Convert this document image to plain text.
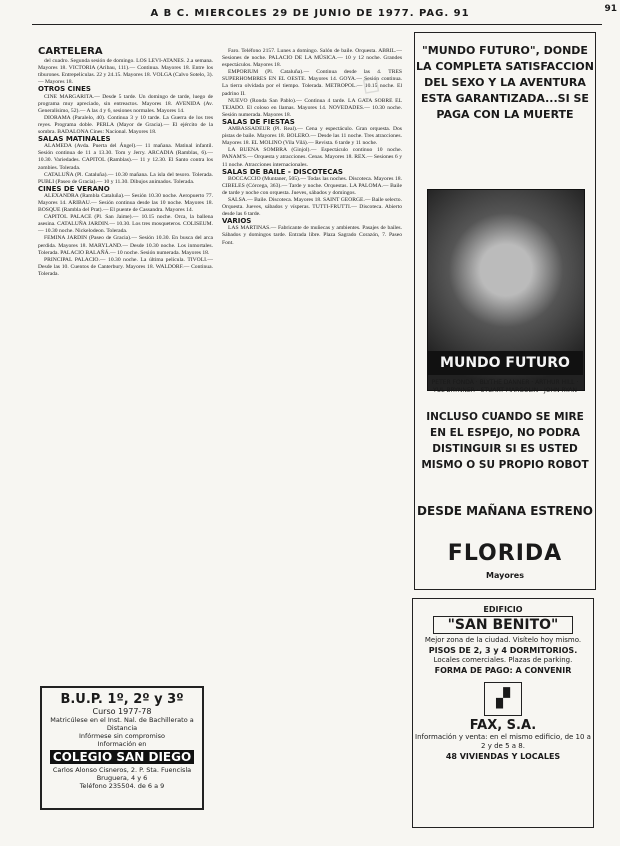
A B C. MIERCOLES 29 DE JUNIO DE 1977. PAG. 91	91
CARTELERA

del cuadro. Segunda sesión de domingo. LOS LEVI-ATANES. 2.a semana. Mayores 18. VICTORIA (Aribau, 111).— Continua. Mayores 18. Entre los tiburones. Entrepelículas. 22 y 24.15. Mayores 18. VOLGA (Calvo Sotelo, 3).— Mayores 18.

OTROS CINES

CINE MARGARITA.— Desde 5 tarde. Un domingo de tarde, luego de programa muy apreciado, sin entreactos. Mayores 18. AVENIDA (Av. Generalísimo, 52).— A las 4 y 6, sesiones normales. Mayores 14.

DIORAMA (Paralelo, 40). Continua 3 y 10 tarde. La Guerra de los tres reyes. Programa doble. PERLA (Mayor de Gracia).— El ejército de la sombra. BADALONA Cines: Nacional. Mayores 18.

SALAS MATINALES

ALAMEDA (Avda. Puerta del Ángel).— 11 mañana. Matinal infantil. Sesión continua de 11 a 13.30. Tom y Jerry. ARCADIA (Ramblas, 6).— 10.30. Variedades. CAPITOL (Ramblas).— 11 y 12.30. El Santo contra los zombies. Tolerada.

CATALUÑA (Pl. Cataluña).— 10.30 mañana. La isla del tesoro. Tolerada. PUBLI (Paseo de Gracia).— 10 y 11.30. Dibujos animados. Tolerada.

CINES DE VERANO

ALEXANDRA (Rambla Cataluña).— Sesión 10.30 noche. Aeropuerto 77. Mayores 14. ARIBAU.— Sesión continua desde las 10 noche. Mayores 18. BOSQUE (Rambla del Prat).— El puente de Cassandra. Mayores 14.

CAPITOL PALACE (Pl. San Jaime).— 10.15 noche. Orca, la ballena asesina. CATALUÑA JARDIN.— 10.30. Los tres mosqueteros. COLISEUM.— 10.30 noche. Nickelodeon. Tolerada.

FEMINA JARDIN (Paseo de Gracia).— Sesión 10.30. En busca del arca perdida. Mayores 18. MARYLAND.— Desde 10.30 noche. Los inmortales. Tolerada. PALACIO BALAÑÁ.— 10 noche. Sesión numerada. Mayores 18.

PRINCIPAL PALACIO.— 10.30 noche. La última película. TIVOLI.— Desde las 10. Cuentos de Canterbury. Mayores 18. WALDORF.— Continua. Tolerada.

Faro. Teléfono 2157. Lunes a domingo. Salón de baile. Orquesta. ABRIL.— Sesiones de noche. PALACIO DE LA MÚSICA.— 10 y 12 noche. Grandes espectáculos. Mayores 18.

EMPORIUM (Pl. Cataluña).— Continua desde las 4. TRES SUPERHOMBRES EN EL OESTE. Mayores 14. GOYA.— Sesión continua. La tierra olvidada por el tiempo. Tolerada. METROPOL.— 10.15 noche. El padrino II.

NUEVO (Ronda San Pablo).— Continua 4 tarde. LA GATA SOBRE EL TEJADO. El coloso en llamas. Mayores 14. NOVEDADES.— 10.30 noche. Sesión numerada. Mayores 18.

SALAS DE FIESTAS

AMBASSADEUR (Pl. Real).— Cena y espectáculo. Gran orquesta. Dos pistas de baile. Mayores 18. BOLERO.— Desde las 11 noche. Tres atracciones. Mayores 18. EL MOLINO (Vila Vilá).— Revista. 6 tarde y 11 noche.

LA BUENA SOMBRA (Ginjol).— Espectáculo continuo 10 noche. PANAM'S.— Orquesta y atracciones. Cenas. Mayores 18. REX.— Sesiones 6 y 11 noche. Atracciones internacionales.

SALAS DE BAILE - DISCOTECAS

BOCCACCIO (Muntaner, 505).— Todas las noches. Discoteca. Mayores 18. CIBELES (Córcega, 363).— Tarde y noche. Orquestas. LA PALOMA.— Baile de tarde y noche con orquesta. Jueves, sábados y domingos.

SALSA.— Baile. Discoteca. Mayores 18. SAINT GEORGE.— Baile selecto. Orquesta. Jueves, sábados y vísperas. TUTTI-FRUTTI.— Discoteca. Abierto desde las 6 tarde.

VARIOS

LAS MARTINAS.— Fabricante de muñecas y ambientes. Pasajes de bailes. Sábados y domingos tarde. Entrada libre. Plaza Sagrado Corazón, 7. Paseo Font.

"MUNDO FUTURO", DONDE LA COMPLETA SATISFACCION DEL SEXO Y LA AVENTURA ESTA GARANTIZADA...SI SE PAGA CON LA MUERTE
MUNDO FUTURO
PETER FONDA · BLYTHE DANNER · ARTHUR HILL · YUL BRYNNER · STUART MARGOLIN · JOHN RYAN
INCLUSO CUANDO SE MIRE EN EL ESPEJO, NO PODRA DISTINGUIR SI ES USTED MISMO O SU PROPIO ROBOT
DESDE MAÑANA ESTRENO
FLORIDA
Mayores
B.U.P. 1º, 2º y 3º
Curso 1977-78
Matricúlese en el Inst. Nal. de Bachillerato a Distancia
Infórmese sin compromiso
Información en
COLEGIO SAN DIEGO
Carlos Alonso Cisneros, 2. P. Sta. Fuencisla Bruguera, 4 y 6
Teléfono 235504. de 6 a 9
EDIFICIO
"SAN BENITO"
Mejor zona de la ciudad. Visítelo hoy mismo.
PISOS DE 2, 3 y 4 DORMITORIOS.
Locales comerciales. Plazas de parking.
FORMA DE PAGO: A CONVENIR
▞
FAX, S.A.
Información y venta: en el mismo edificio, de 10 a 2 y de 5 a 8.
48 VIVIENDAS Y LOCALES
◇
